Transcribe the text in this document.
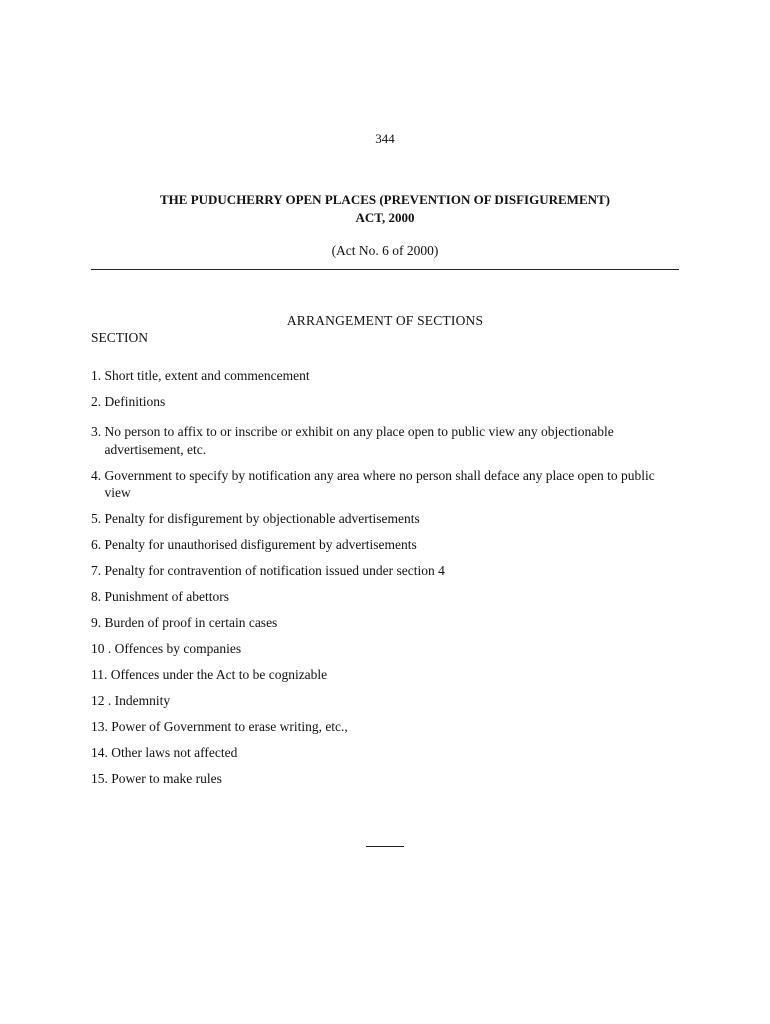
344
THE PUDUCHERRY OPEN PLACES (PREVENTION OF DISFIGUREMENT)
ACT, 2000
(Act No. 6 of 2000)
ARRANGEMENT OF SECTIONS
SECTION
1. Short title, extent and commencement
2. Definitions
3. No person to affix to or inscribe or exhibit on any place open to public view any objectionable advertisement, etc.
4. Government to specify by notification any area where no person shall deface any place open to public view
5. Penalty for disfigurement by objectionable advertisements
6. Penalty for unauthorised disfigurement by advertisements
7. Penalty for contravention of notification issued under section 4
8. Punishment of abettors
9. Burden of proof in certain cases
10 . Offences by companies
11. Offences under the Act to be cognizable
12 . Indemnity
13. Power of Government to erase writing, etc.,
14. Other laws not affected
15. Power to make rules
